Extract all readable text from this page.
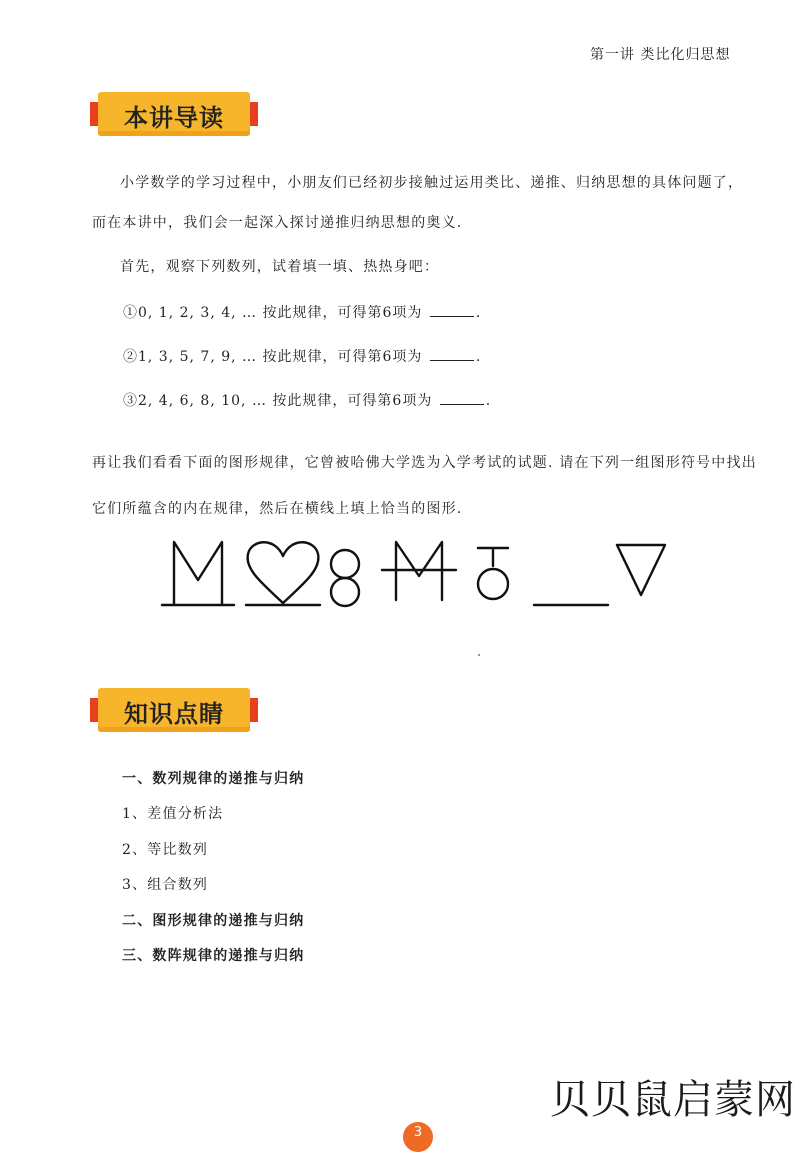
第一讲 类比化归思想
本讲导读

小学数学的学习过程中，小朋友们已经初步接触过运用类比、递推、归纳思想的具体问题了，而在本讲中，我们会一起深入探讨递推归纳思想的奥义.

首先，观察下列数列，试着填一填、热热身吧：
①0, 1, 2, 3, 4, … 按此规律，可得第6项为	.
②1, 3, 5, 7, 9, … 按此规律，可得第6项为	.
③2, 4, 6, 8, 10, … 按此规律，可得第6项为	.

再让我们看看下面的图形规律，它曾被哈佛大学选为入学考试的试题. 请在下列一组图形符号中找出它们所蕴含的内在规律，然后在横线上填上恰当的图形.

知识点睛
一、数列规律的递推与归纳
1、差值分析法
2、等比数列
3、组合数列
二、图形规律的递推与归纳
三、数阵规律的递推与归纳
贝贝鼠启蒙网
3
